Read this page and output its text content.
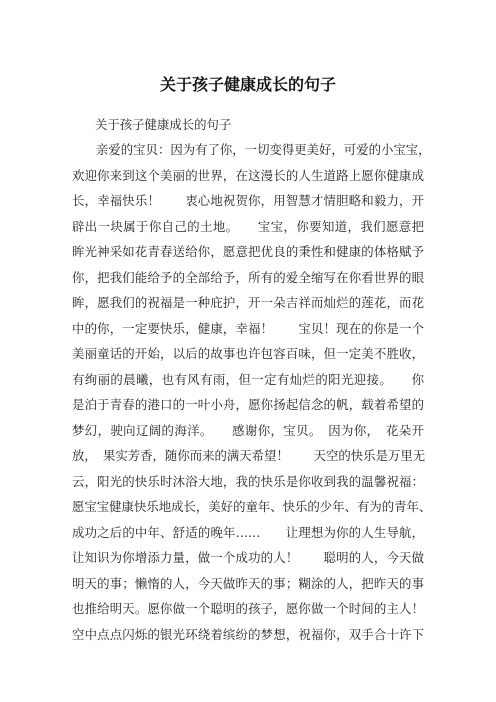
关于孩子健康成长的句子

关于孩子健康成长的句子

亲爱的宝贝：因为有了你，一切变得更美好，可爱的小宝宝，
欢迎你来到这个美丽的世界，在这漫长的人生道路上愿你健康成
长，幸福快乐！　　衷心地祝贺你，用智慧才情胆略和毅力，开
辟出一块属于你自己的土地。　　宝宝，你要知道，我们愿意把
眸光神采如花青春送给你，愿意把优良的秉性和健康的体格赋予
你，把我们能给予的全部给予，所有的爱全缩写在你看世界的眼
眸，愿我们的祝福是一种庇护，开一朵吉祥而灿烂的莲花，而花
中的你，一定要快乐，健康，幸福！　　宝贝！现在的你是一个
美丽童话的开始，以后的故事也许包容百味，但一定美不胜收，
有绚丽的晨曦，也有风有雨，但一定有灿烂的阳光迎接。　　你
是泊于青春的港口的一叶小舟，愿你扬起信念的帆，载着希望的
梦幻，驶向辽阔的海洋。　　感谢你，宝贝。　因为你，　花朵开
放，　果实芳香，随你而来的满天希望！　　天空的快乐是万里无
云，阳光的快乐时沐浴大地，我的快乐是你收到我的温馨祝福：
愿宝宝健康快乐地成长，美好的童年、快乐的少年、有为的青年、
成功之后的中年、舒适的晚年……　　让理想为你的人生导航，
让知识为你增添力量，做一个成功的人！　　聪明的人，今天做
明天的事；懒惰的人，今天做昨天的事；糊涂的人，把昨天的事
也推给明天。愿你做一个聪明的孩子，愿你做一个时间的主人！
空中点点闪烁的银光环绕着缤纷的梦想，祝福你，双手合十许下
